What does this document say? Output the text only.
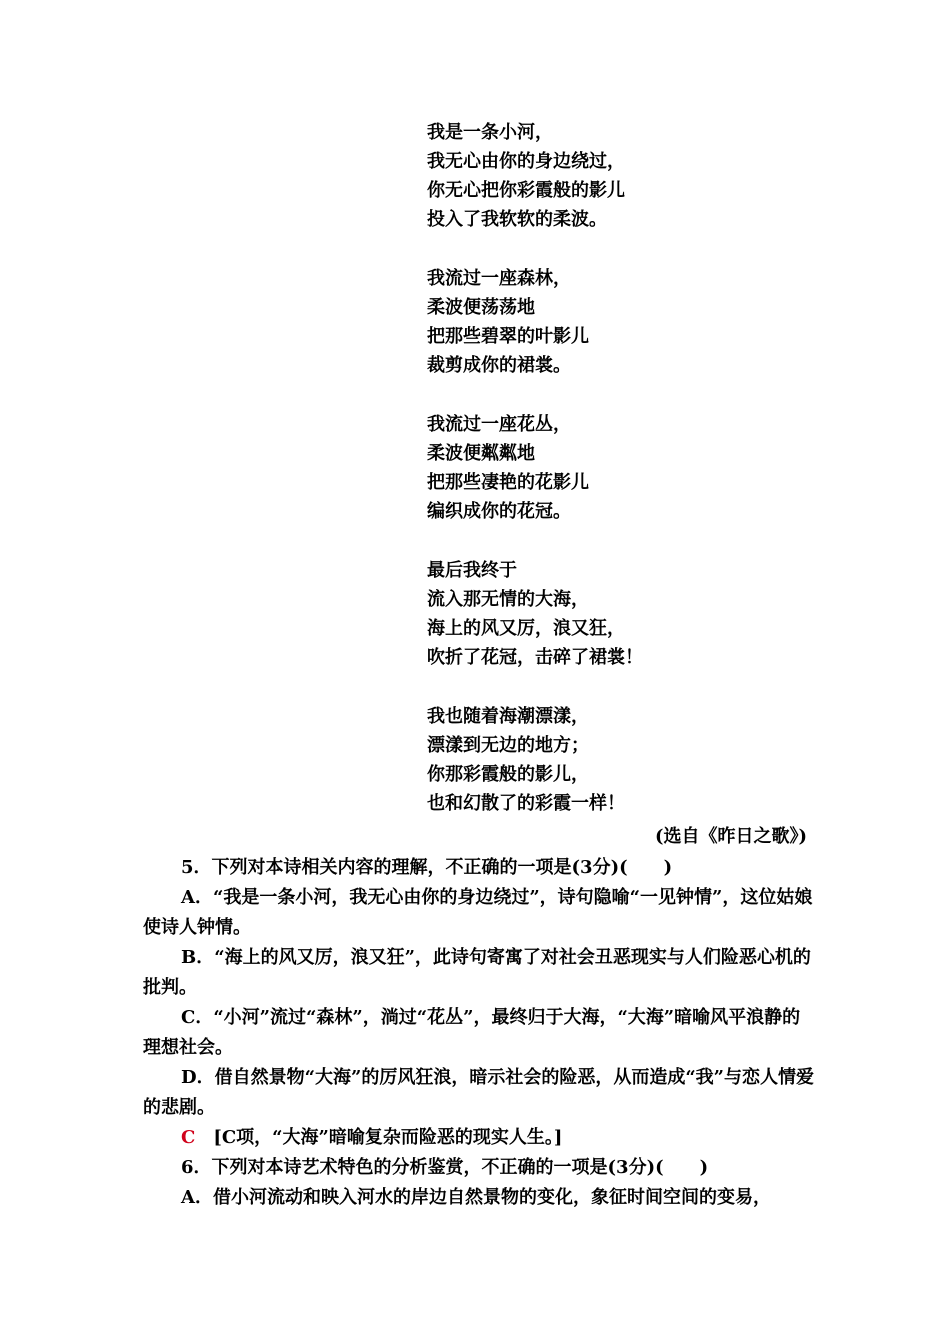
我是一条小河，
我无心由你的身边绕过，
你无心把你彩霞般的影儿
投入了我软软的柔波。
我流过一座森林，
柔波便荡荡地
把那些碧翠的叶影儿
裁剪成你的裙裳。
我流过一座花丛，
柔波便粼粼地
把那些凄艳的花影儿
编织成你的花冠。
最后我终于
流入那无情的大海，
海上的风又厉，浪又狂，
吹折了花冠，击碎了裙裳！
我也随着海潮漂漾，
漂漾到无边的地方；
你那彩霞般的影儿，
也和幻散了的彩霞一样！
(选自《昨日之歌》)

5．下列对本诗相关内容的理解，不正确的一项是(3分)(　　)

A．“我是一条小河，我无心由你的身边绕过”，诗句隐喻“一见钟情”，这位姑娘使诗人钟情。

B．“海上的风又厉，浪又狂”，此诗句寄寓了对社会丑恶现实与人们险恶心机的批判。

C．“小河”流过“森林”，淌过“花丛”，最终归于大海，“大海”暗喻风平浪静的理想社会。

D．借自然景物“大海”的厉风狂浪，暗示社会的险恶，从而造成“我”与恋人情爱的悲剧。

C　 [C项，“大海”暗喻复杂而险恶的现实人生。]

6．下列对本诗艺术特色的分析鉴赏，不正确的一项是(3分)(　　)

A．借小河流动和映入河水的岸边自然景物的变化，象征时间空间的变易，
